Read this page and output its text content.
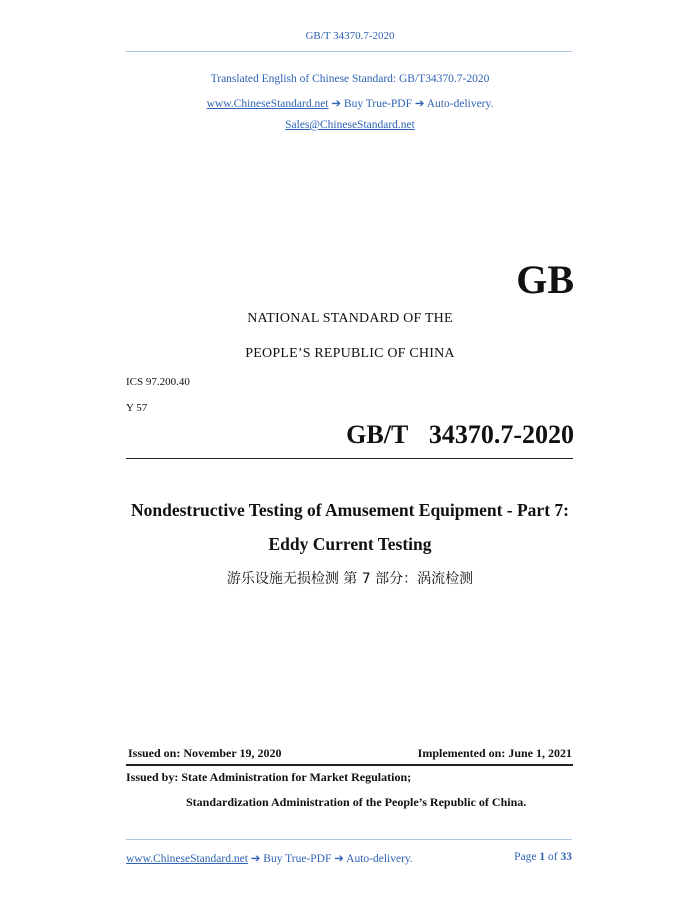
GB/T 34370.7-2020
Translated English of Chinese Standard: GB/T34370.7-2020
www.ChineseStandard.net ➔ Buy True-PDF ➔ Auto-delivery.
Sales@ChineseStandard.net
GB
NATIONAL STANDARD OF THE
PEOPLE’S REPUBLIC OF CHINA
ICS 97.200.40
Y 57
GB/T  34370.7-2020
Nondestructive Testing of Amusement Equipment - Part 7:
Eddy Current Testing
游乐设施无损检测 第 7 部分：涡流检测
Issued on: November 19, 2020	Implemented on: June 1, 2021
Issued by: State Administration for Market Regulation;
Standardization Administration of the People’s Republic of China.
www.ChineseStandard.net ➔ Buy True-PDF ➔ Auto-delivery.	Page 1 of 33
